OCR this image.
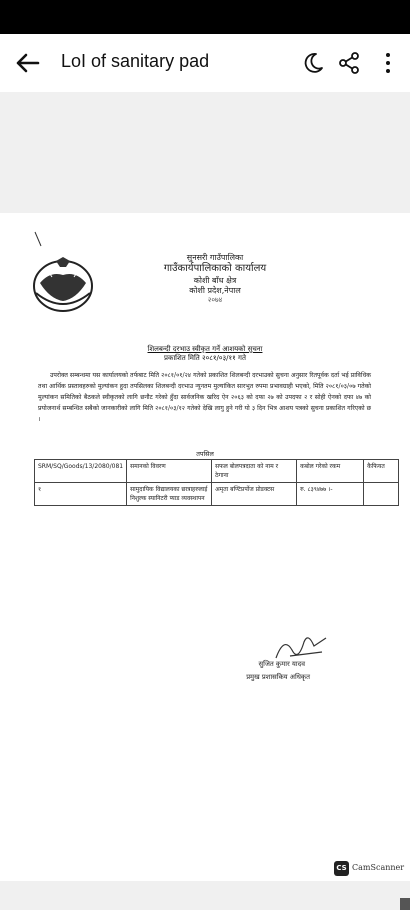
LoI of sanitary pad
सुनसरी गाउँपालिका
गाउँकार्यपालिकाको कार्यालय
कोशी बाँध क्षेत्र
कोशी प्रदेश,नेपाल
२०७४
शिलबन्दी दरभाउ स्वीकृत गर्ने आशयको सुचना
प्रकाशित मिति २०८१/०३/११ गते
उपरोक्त सम्बन्धमा यस कार्यालयको तर्फबाट मिति २०८१/०१/२४ गतेको प्रकाशित शिलबन्दी दरभाउको सुचना अनुसार रितपूर्वक दर्ता भई प्राविधिक तथा आर्थिक प्रस्तावहरुको मुल्यांकन हुदा तपसिलका शिलबन्दी दरभाउ न्युनतम मुल्यांकित सारभुत रुपमा प्रभावग्राही भएको, मिति २०८१/०३/०७ गतेको मुल्यांकन समितिको बैठकले स्वीकृतको लागि छनौट गरेको हुँदा सार्वजनिक खरिद ऐन २०६३ को दफा २७ को उपदफा २ र सोही ऐनको दफा ४७ को प्रयोजनार्थ सम्बन्धित सबैको जानकारीको लागि मिति २०८१/०३/१२ गतेको देखि लागु हुने गरी यो ३ दिन भित्र आशय पत्रको सुचना प्रकाशित गरिएको छ ।
तपसिल
SRM/SQ/Goods/13/2080/081	समानको विवरण	सफल बोलपत्रदाता को नाम र ठेगाना	कबोल गरेको रकम	कैफियत
१	सामुदायिक विद्यालयका छात्राहरुलाई निशुल्क स्यानिटरी प्याड व्यवस्थापन	अमृता बण्टिप्रर्पोज प्रोडक्टस	रु. ८३९४७७ ।-	
सुजित कुमार यादव
प्रमुख प्रशासकिय अधिकृत
CS CamScanner
